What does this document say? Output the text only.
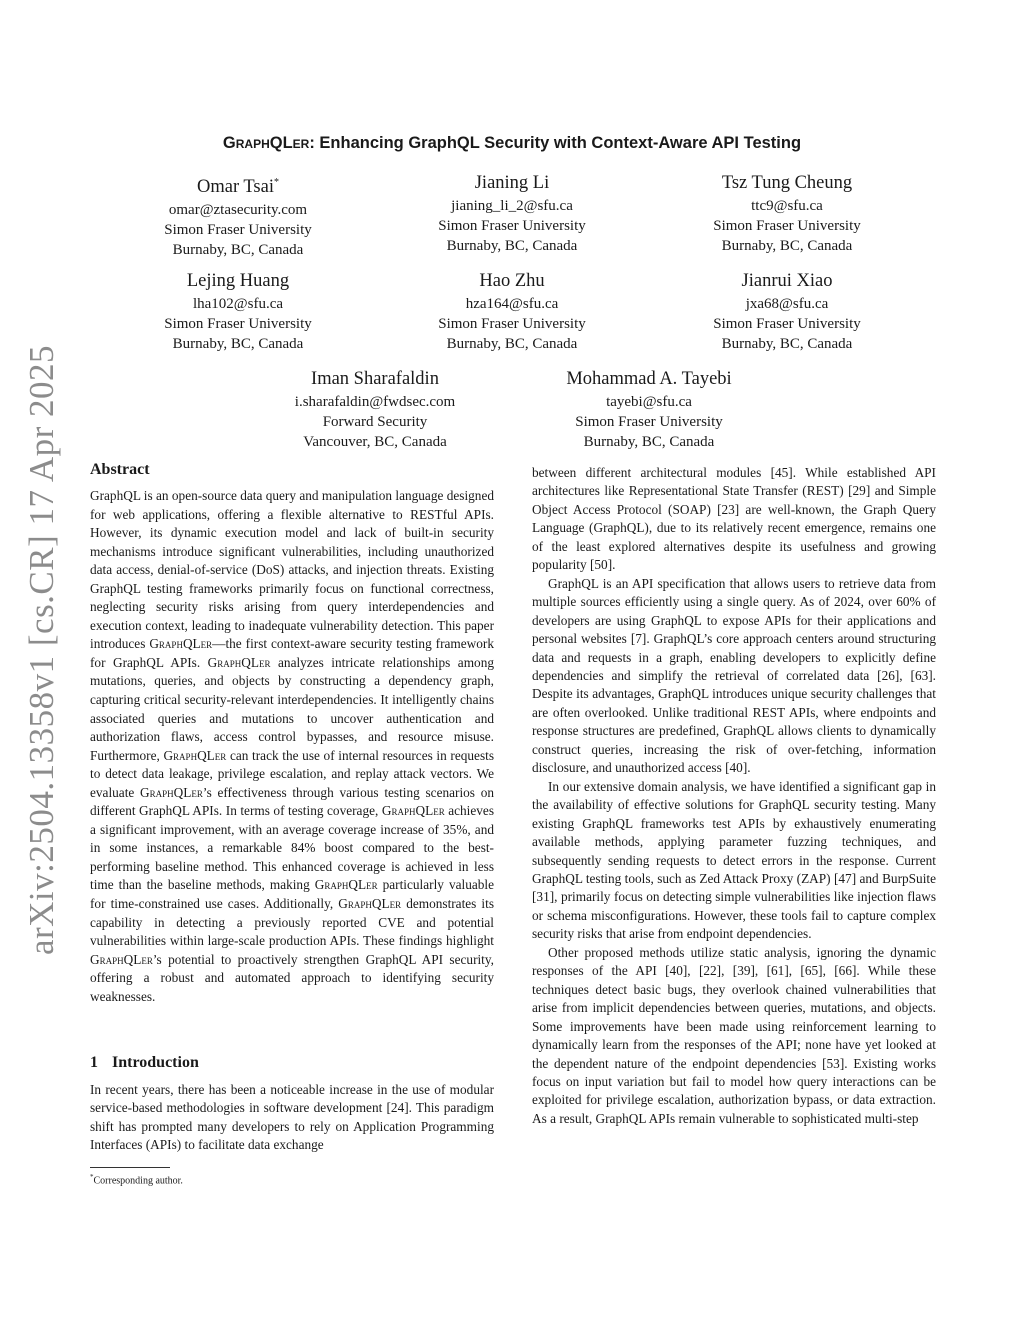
arXiv:2504.13358v1 [cs.CR] 17 Apr 2025
GraphQLer: Enhancing GraphQL Security with Context-Aware API Testing
Omar Tsai*
omar@ztasecurity.com
Simon Fraser University
Burnaby, BC, Canada
Jianing Li
jianing_li_2@sfu.ca
Simon Fraser University
Burnaby, BC, Canada
Tsz Tung Cheung
ttc9@sfu.ca
Simon Fraser University
Burnaby, BC, Canada
Lejing Huang
lha102@sfu.ca
Simon Fraser University
Burnaby, BC, Canada
Hao Zhu
hza164@sfu.ca
Simon Fraser University
Burnaby, BC, Canada
Jianrui Xiao
jxa68@sfu.ca
Simon Fraser University
Burnaby, BC, Canada
Iman Sharafaldin
i.sharafaldin@fwdsec.com
Forward Security
Vancouver, BC, Canada
Mohammad A. Tayebi
tayebi@sfu.ca
Simon Fraser University
Burnaby, BC, Canada
Abstract

GraphQL is an open-source data query and manipulation language designed for web applications, offering a flexible alternative to RESTful APIs. However, its dynamic execution model and lack of built-in security mechanisms introduce significant vulnerabilities, including unauthorized data access, denial-of-service (DoS) attacks, and injection threats. Existing GraphQL testing frameworks primarily focus on functional correctness, neglecting security risks arising from query interdependencies and execution context, leading to inadequate vulnerability detection. This paper introduces GraphQLer—the first context-aware security testing framework for GraphQL APIs. GraphQLer analyzes intricate relationships among mutations, queries, and objects by constructing a dependency graph, capturing critical security-relevant interdependencies. It intelligently chains associated queries and mutations to uncover authentication and authorization flaws, access control bypasses, and resource misuse. Furthermore, GraphQLer can track the use of internal resources in requests to detect data leakage, privilege escalation, and replay attack vectors. We evaluate GraphQLer’s effectiveness through various testing scenarios on different GraphQL APIs. In terms of testing coverage, GraphQLer achieves a significant improvement, with an average coverage increase of 35%, and in some instances, a remarkable 84% boost compared to the best-performing baseline method. This enhanced coverage is achieved in less time than the baseline methods, making GraphQLer particularly valuable for time-constrained use cases. Additionally, GraphQLer demonstrates its capability in detecting a previously reported CVE and potential vulnerabilities within large-scale production APIs. These findings highlight GraphQLer’s potential to proactively strengthen GraphQL API security, offering a robust and automated approach to identifying security weaknesses.

1 Introduction

In recent years, there has been a noticeable increase in the use of modular service-based methodologies in software development [24]. This paradigm shift has prompted many developers to rely on Application Programming Interfaces (APIs) to facilitate data exchange

*Corresponding author.

between different architectural modules [45]. While established API architectures like Representational State Transfer (REST) [29] and Simple Object Access Protocol (SOAP) [23] are well-known, the Graph Query Language (GraphQL), due to its relatively recent emergence, remains one of the least explored alternatives despite its usefulness and growing popularity [50].

GraphQL is an API specification that allows users to retrieve data from multiple sources efficiently using a single query. As of 2024, over 60% of developers are using GraphQL to expose APIs for their applications and personal websites [7]. GraphQL’s core approach centers around structuring data and requests in a graph, enabling developers to explicitly define dependencies and simplify the retrieval of correlated data [26], [63]. Despite its advantages, GraphQL introduces unique security challenges that are often overlooked. Unlike traditional REST APIs, where endpoints and response structures are predefined, GraphQL allows clients to dynamically construct queries, increasing the risk of over-fetching, information disclosure, and unauthorized access [40].

In our extensive domain analysis, we have identified a significant gap in the availability of effective solutions for GraphQL security testing. Many existing GraphQL frameworks test APIs by exhaustively enumerating available methods, applying parameter fuzzing techniques, and subsequently sending requests to detect errors in the response. Current GraphQL testing tools, such as Zed Attack Proxy (ZAP) [47] and BurpSuite [31], primarily focus on detecting simple vulnerabilities like injection flaws or schema misconfigurations. However, these tools fail to capture complex security risks that arise from endpoint dependencies.

Other proposed methods utilize static analysis, ignoring the dynamic responses of the API [40], [22], [39], [61], [65], [66]. While these techniques detect basic bugs, they overlook chained vulnerabilities that arise from implicit dependencies between queries, mutations, and objects. Some improvements have been made using reinforcement learning to dynamically learn from the responses of the API; none have yet looked at the dependent nature of the endpoint dependencies [53]. Existing works focus on input variation but fail to model how query interactions can be exploited for privilege escalation, authorization bypass, or data extraction. As a result, GraphQL APIs remain vulnerable to sophisticated multi-step
